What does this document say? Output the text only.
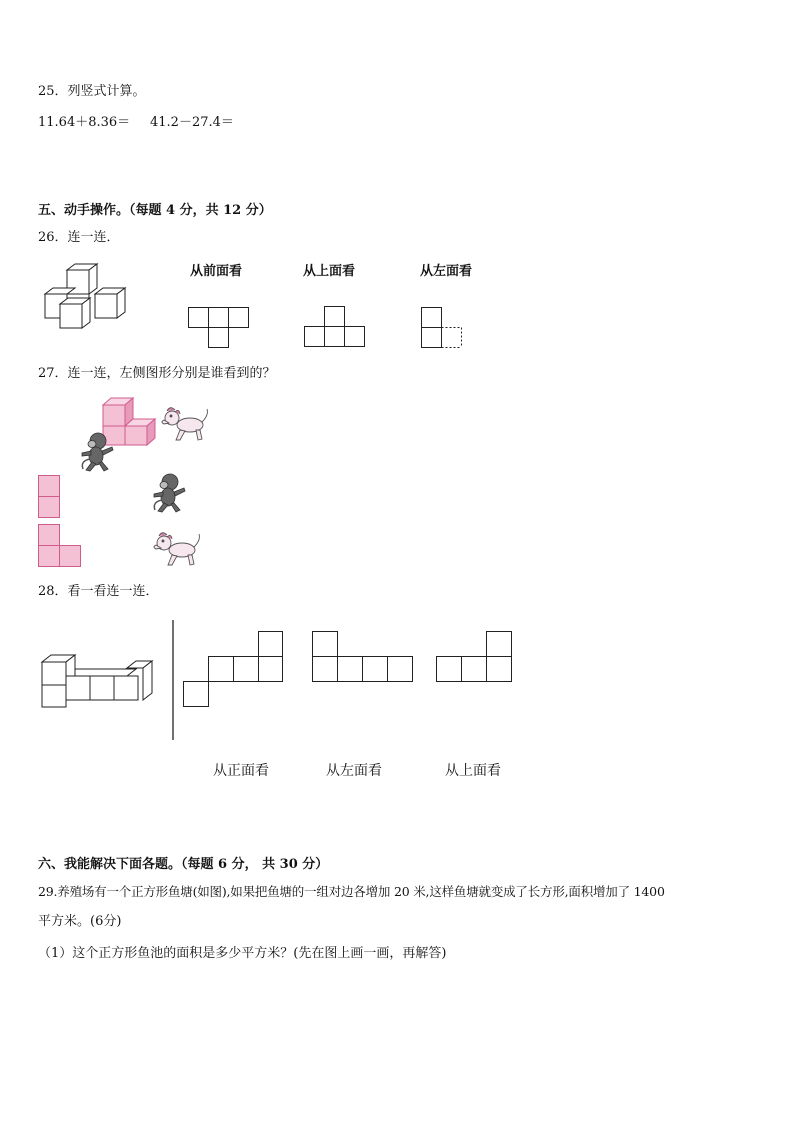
25．列竖式计算。
11.64＋8.36＝ 41.2－27.4＝
五、动手操作。（每题 4 分，共 12 分）
26．连一连．
从前面看	从上面看	从左面看
27．连一连，左侧图形分别是谁看到的？
28．看一看连一连．
从正面看	从左面看	从上面看
六、我能解决下面各题。（每题 6 分， 共 30 分）
29.养殖场有一个正方形鱼塘(如图),如果把鱼塘的一组对边各增加 20 米,这样鱼塘就变成了长方形,面积增加了 1400
平方米。(6分)
（1）这个正方形鱼池的面积是多少平方米？(先在图上画一画，再解答)
